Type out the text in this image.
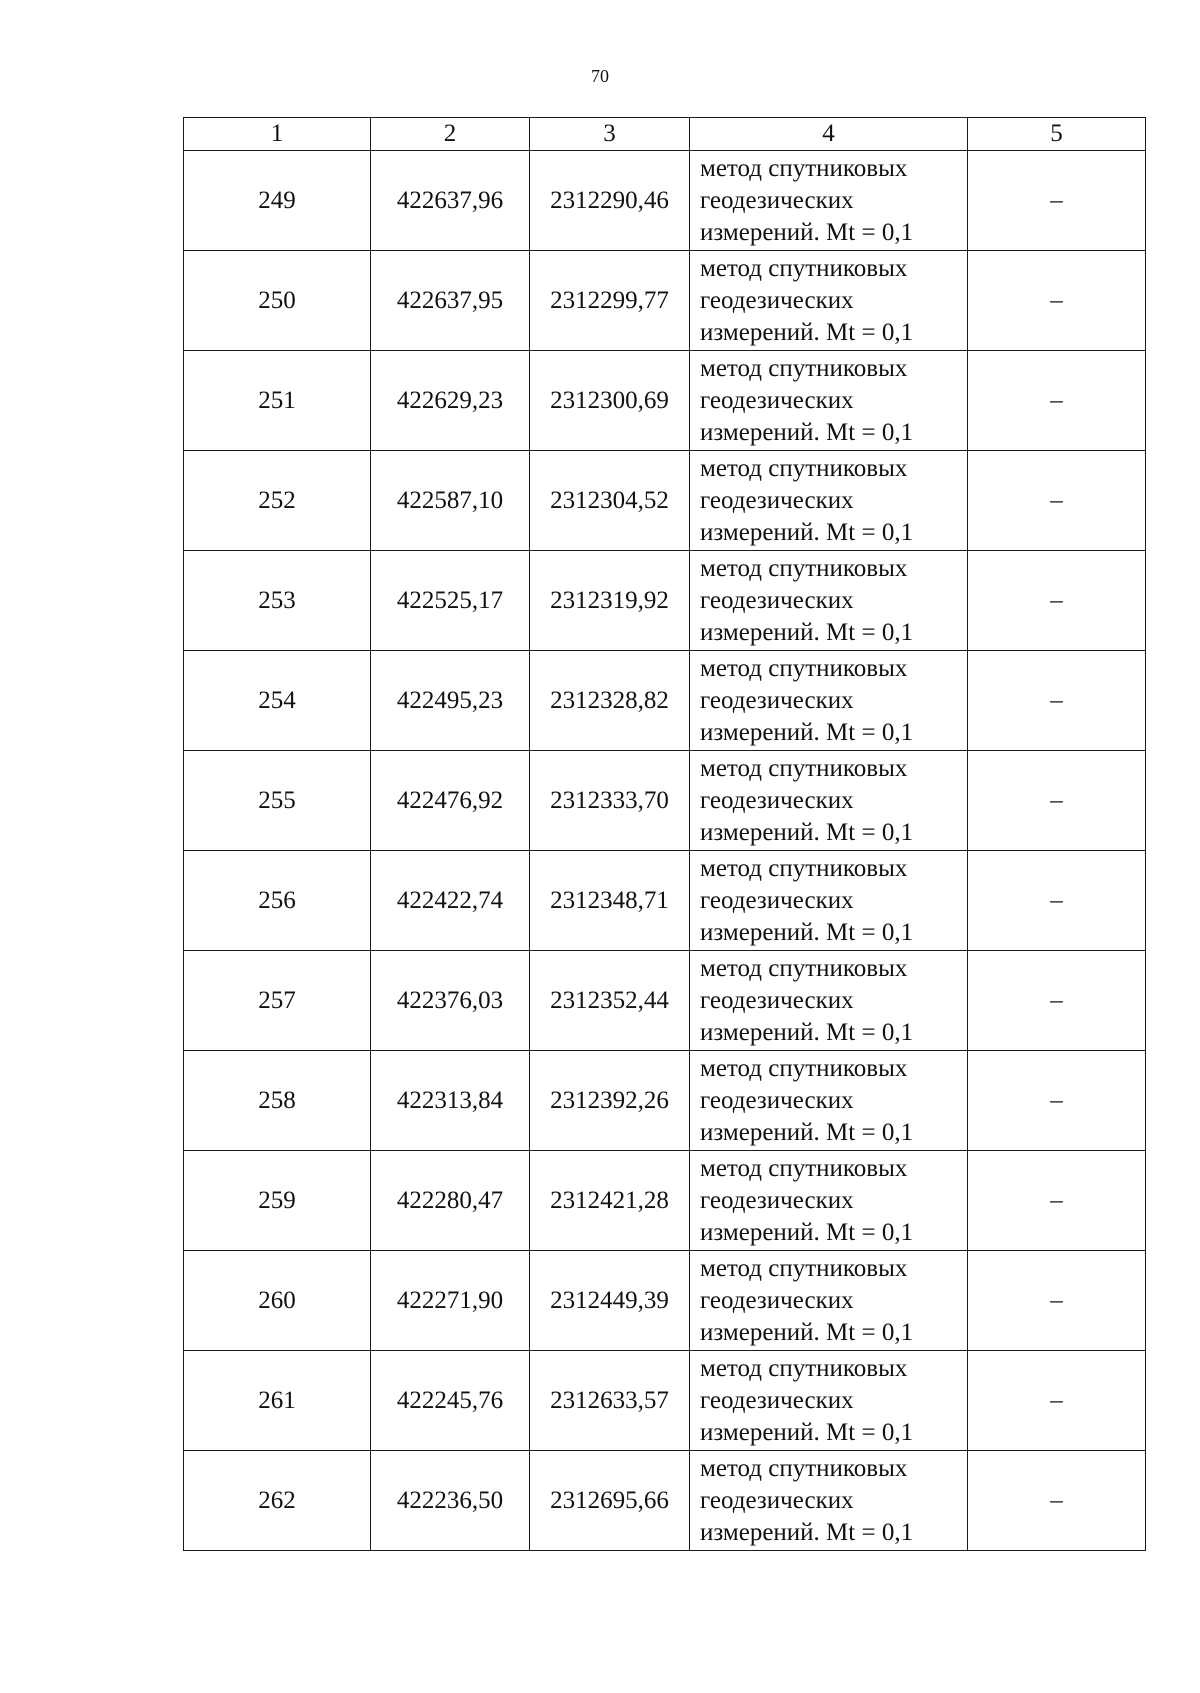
70
1	2	3	4	5
249	422637,96	2312290,46	метод спутниковых
геодезических
измерений. Mt = 0,1	–
250	422637,95	2312299,77	метод спутниковых
геодезических
измерений. Mt = 0,1	–
251	422629,23	2312300,69	метод спутниковых
геодезических
измерений. Mt = 0,1	–
252	422587,10	2312304,52	метод спутниковых
геодезических
измерений. Mt = 0,1	–
253	422525,17	2312319,92	метод спутниковых
геодезических
измерений. Mt = 0,1	–
254	422495,23	2312328,82	метод спутниковых
геодезических
измерений. Mt = 0,1	–
255	422476,92	2312333,70	метод спутниковых
геодезических
измерений. Mt = 0,1	–
256	422422,74	2312348,71	метод спутниковых
геодезических
измерений. Mt = 0,1	–
257	422376,03	2312352,44	метод спутниковых
геодезических
измерений. Mt = 0,1	–
258	422313,84	2312392,26	метод спутниковых
геодезических
измерений. Mt = 0,1	–
259	422280,47	2312421,28	метод спутниковых
геодезических
измерений. Mt = 0,1	–
260	422271,90	2312449,39	метод спутниковых
геодезических
измерений. Mt = 0,1	–
261	422245,76	2312633,57	метод спутниковых
геодезических
измерений. Mt = 0,1	–
262	422236,50	2312695,66	метод спутниковых
геодезических
измерений. Mt = 0,1	–
